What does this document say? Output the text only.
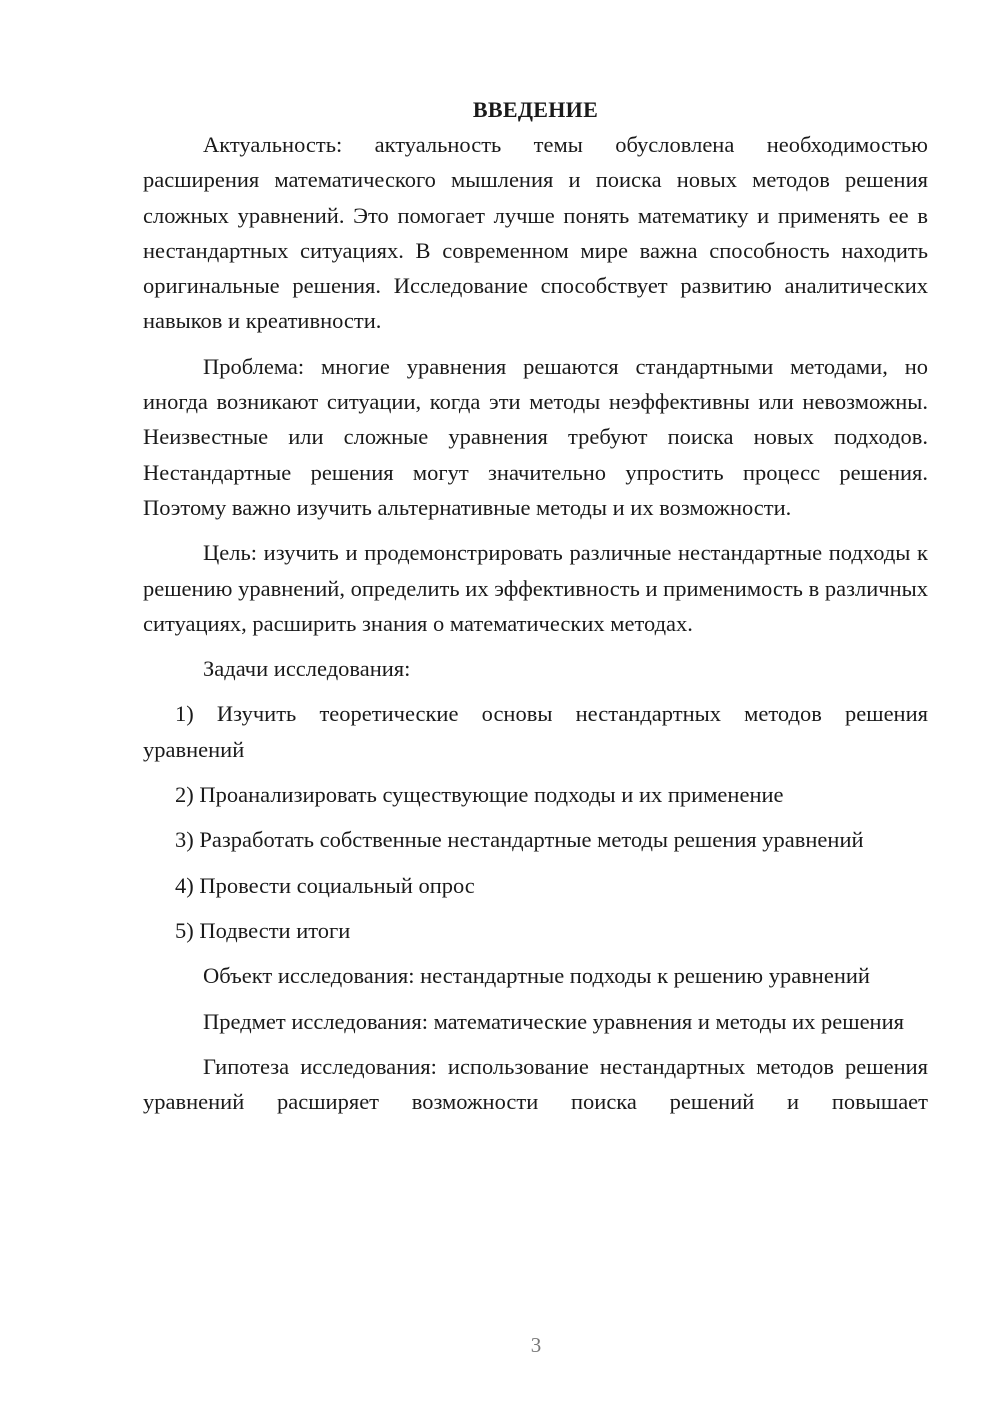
ВВЕДЕНИЕ

Актуальность: актуальность темы обусловлена необходимостью расширения математического мышления и поиска новых методов решения сложных уравнений. Это помогает лучше понять математику и применять ее в нестандартных ситуациях. В современном мире важна способность находить оригинальные решения. Исследование способствует развитию аналитических навыков и креативности.

Проблема: многие уравнения решаются стандартными методами, но иногда возникают ситуации, когда эти методы неэффективны или невозможны. Неизвестные или сложные уравнения требуют поиска новых подходов. Нестандартные решения могут значительно упростить процесс решения. Поэтому важно изучить альтернативные методы и их возможности.

Цель: изучить и продемонстрировать различные нестандартные подходы к решению уравнений, определить их эффективность и применимость в различных ситуациях, расширить знания о математических методах.

Задачи исследования:

1) Изучить теоретические основы нестандартных методов решения уравнений

2) Проанализировать существующие подходы и их применение

3) Разработать собственные нестандартные методы решения уравнений

4) Провести социальный опрос

5) Подвести итоги

Объект исследования: нестандартные подходы к решению уравнений

Предмет исследования: математические уравнения и методы их решения

Гипотеза исследования: использование нестандартных методов решения уравнений расширяет возможности поиска решений и повышает

3
